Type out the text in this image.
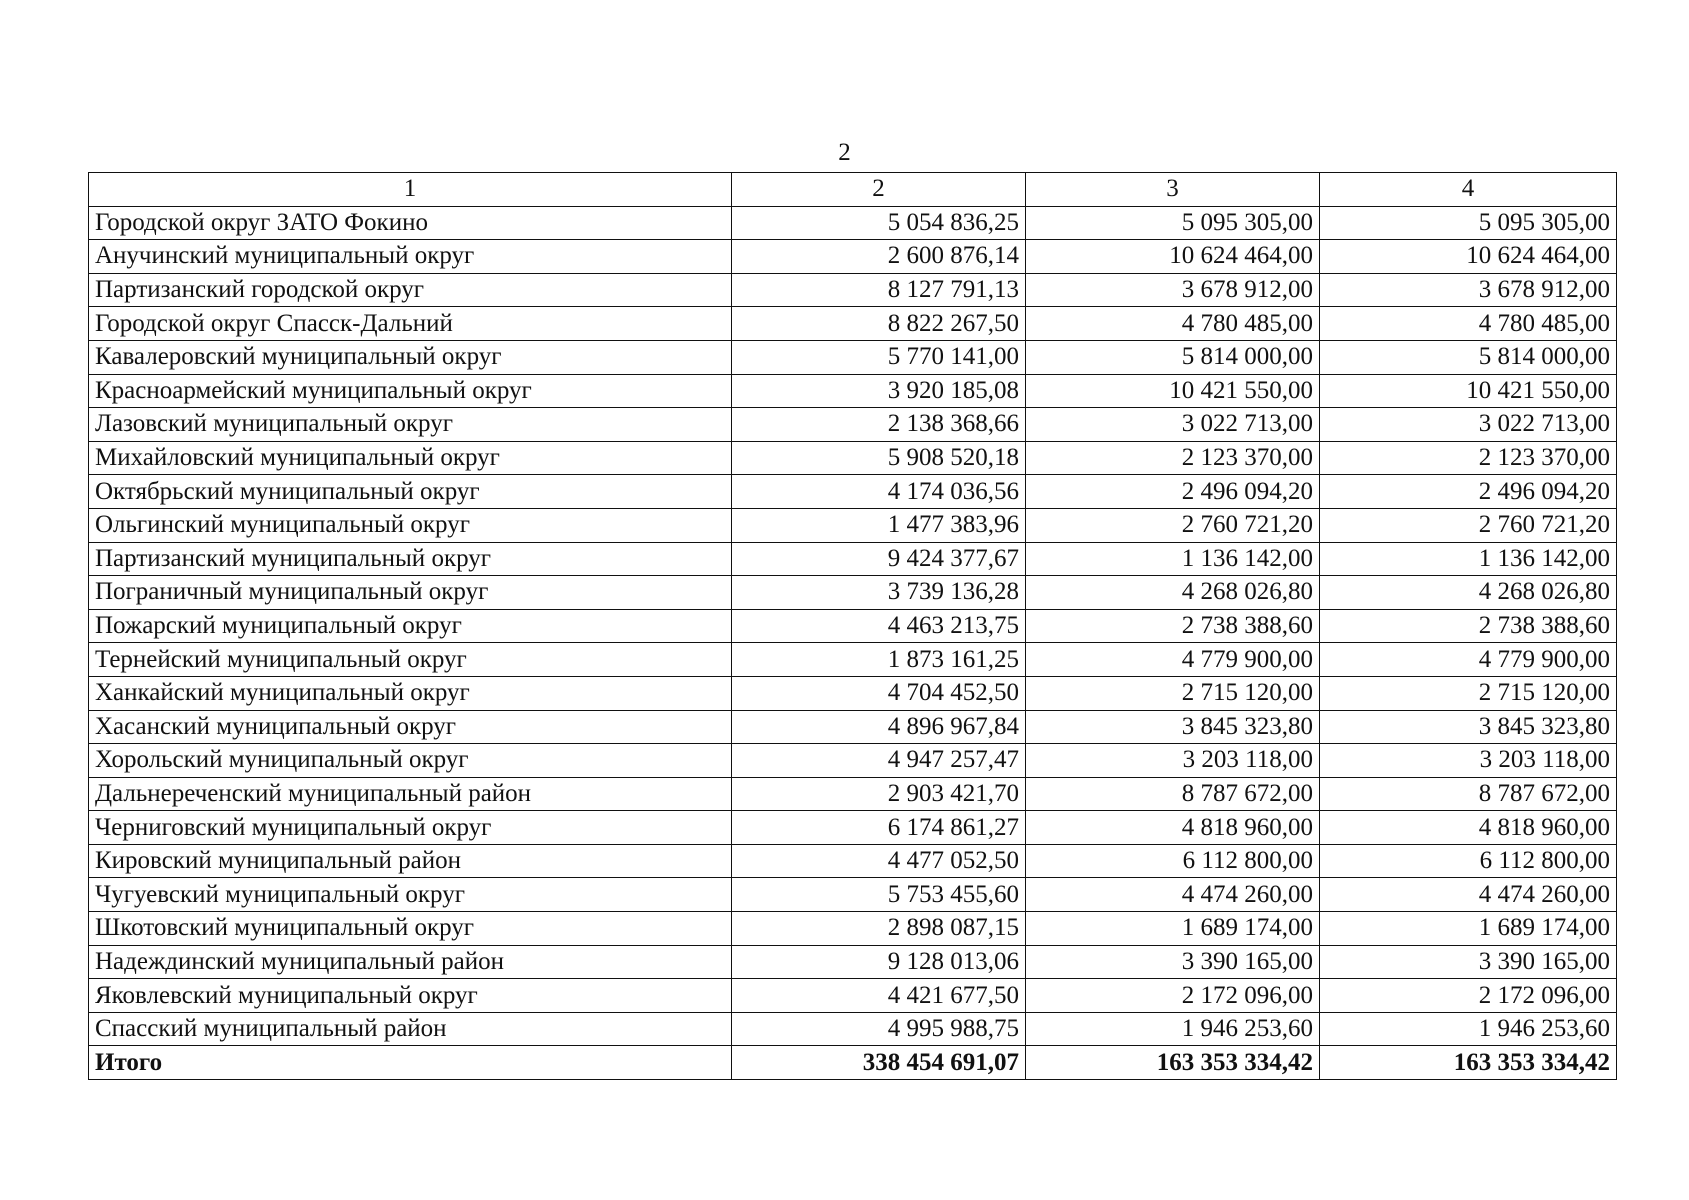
2
1	2	3	4
Городской округ ЗАТО Фокино	5 054 836,25	5 095 305,00	5 095 305,00
Анучинский муниципальный округ	2 600 876,14	10 624 464,00	10 624 464,00
Партизанский городской округ	8 127 791,13	3 678 912,00	3 678 912,00
Городской округ Спасск-Дальний	8 822 267,50	4 780 485,00	4 780 485,00
Кавалеровский муниципальный округ	5 770 141,00	5 814 000,00	5 814 000,00
Красноармейский муниципальный округ	3 920 185,08	10 421 550,00	10 421 550,00
Лазовский муниципальный округ	2 138 368,66	3 022 713,00	3 022 713,00
Михайловский муниципальный округ	5 908 520,18	2 123 370,00	2 123 370,00
Октябрьский муниципальный округ	4 174 036,56	2 496 094,20	2 496 094,20
Ольгинский муниципальный округ	1 477 383,96	2 760 721,20	2 760 721,20
Партизанский муниципальный округ	9 424 377,67	1 136 142,00	1 136 142,00
Пограничный муниципальный округ	3 739 136,28	4 268 026,80	4 268 026,80
Пожарский муниципальный округ	4 463 213,75	2 738 388,60	2 738 388,60
Тернейский муниципальный округ	1 873 161,25	4 779 900,00	4 779 900,00
Ханкайский муниципальный округ	4 704 452,50	2 715 120,00	2 715 120,00
Хасанский муниципальный округ	4 896 967,84	3 845 323,80	3 845 323,80
Хорольский муниципальный округ	4 947 257,47	3 203 118,00	3 203 118,00
Дальнереченский муниципальный район	2 903 421,70	8 787 672,00	8 787 672,00
Черниговский муниципальный округ	6 174 861,27	4 818 960,00	4 818 960,00
Кировский муниципальный район	4 477 052,50	6 112 800,00	6 112 800,00
Чугуевский муниципальный округ	5 753 455,60	4 474 260,00	4 474 260,00
Шкотовский муниципальный округ	2 898 087,15	1 689 174,00	1 689 174,00
Надеждинский муниципальный район	9 128 013,06	3 390 165,00	3 390 165,00
Яковлевский муниципальный округ	4 421 677,50	2 172 096,00	2 172 096,00
Спасский муниципальный район	4 995 988,75	1 946 253,60	1 946 253,60
Итого	338 454 691,07	163 353 334,42	163 353 334,42
